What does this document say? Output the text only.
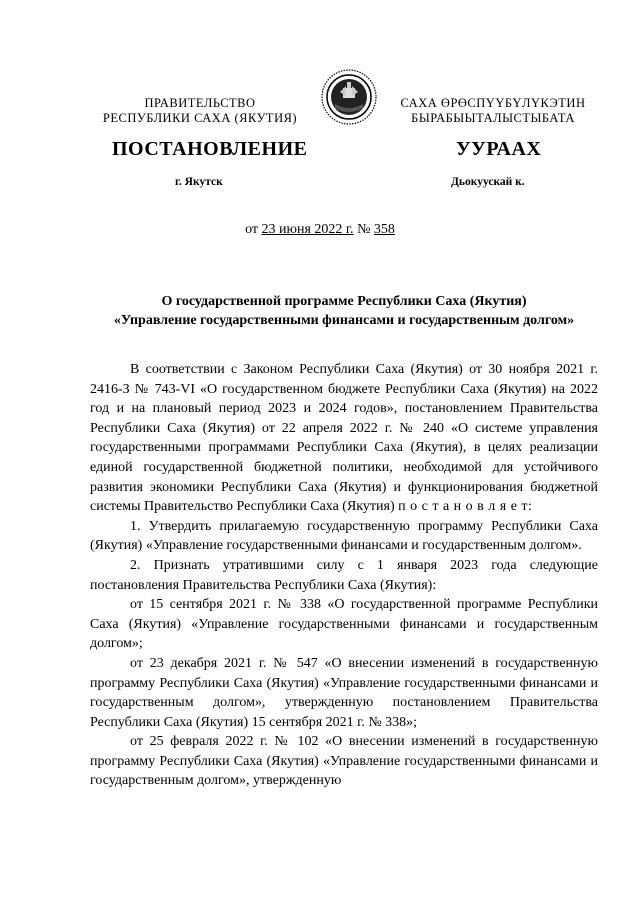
ПРАВИТЕЛЬСТВО
РЕСПУБЛИКИ САХА (ЯКУТИЯ)
САХА ӨРӨСПҮҮБҮЛҮКЭТИН
БЫРАБЫЫТАЛЫСТЫБАТА
ПОСТАНОВЛЕНИЕ	УУРААХ
г. Якутск	Дьокуускай к.
от 23 июня 2022 г. № 358
О государственной программе Республики Саха (Якутия)
«Управление государственными финансами и государственным долгом»

В соответствии с Законом Республики Саха (Якутия) от 30 ноября 2021 г. 2416-З № 743-VI «О государственном бюджете Республики Саха (Якутия) на 2022 год и на плановый период 2023 и 2024 годов», постановлением Правительства Республики Саха (Якутия) от 22 апреля 2022 г. № 240 «О системе управления государственными программами Республики Саха (Якутия), в целях реализации единой государственной бюджетной политики, необходимой для устойчивого развития экономики Республики Саха (Якутия) и функционирования бюджетной системы Правительство Республики Саха (Якутия) п о с т а н о в л я е т:

1. Утвердить прилагаемую государственную программу Республики Саха (Якутия) «Управление государственными финансами и государственным долгом».

2. Признать утратившими силу с 1 января 2023 года следующие постановления Правительства Республики Саха (Якутия):

от 15 сентября 2021 г. № 338 «О государственной программе Республики Саха (Якутия) «Управление государственными финансами и государственным долгом»;

от 23 декабря 2021 г. № 547 «О внесении изменений в государственную программу Республики Саха (Якутия) «Управление государственными финансами и государственным долгом», утвержденную постановлением Правительства Республики Саха (Якутия) 15 сентября 2021 г. № 338»;

от 25 февраля 2022 г. № 102 «О внесении изменений в государственную программу Республики Саха (Якутия) «Управление государственными финансами и государственным долгом», утвержденную
